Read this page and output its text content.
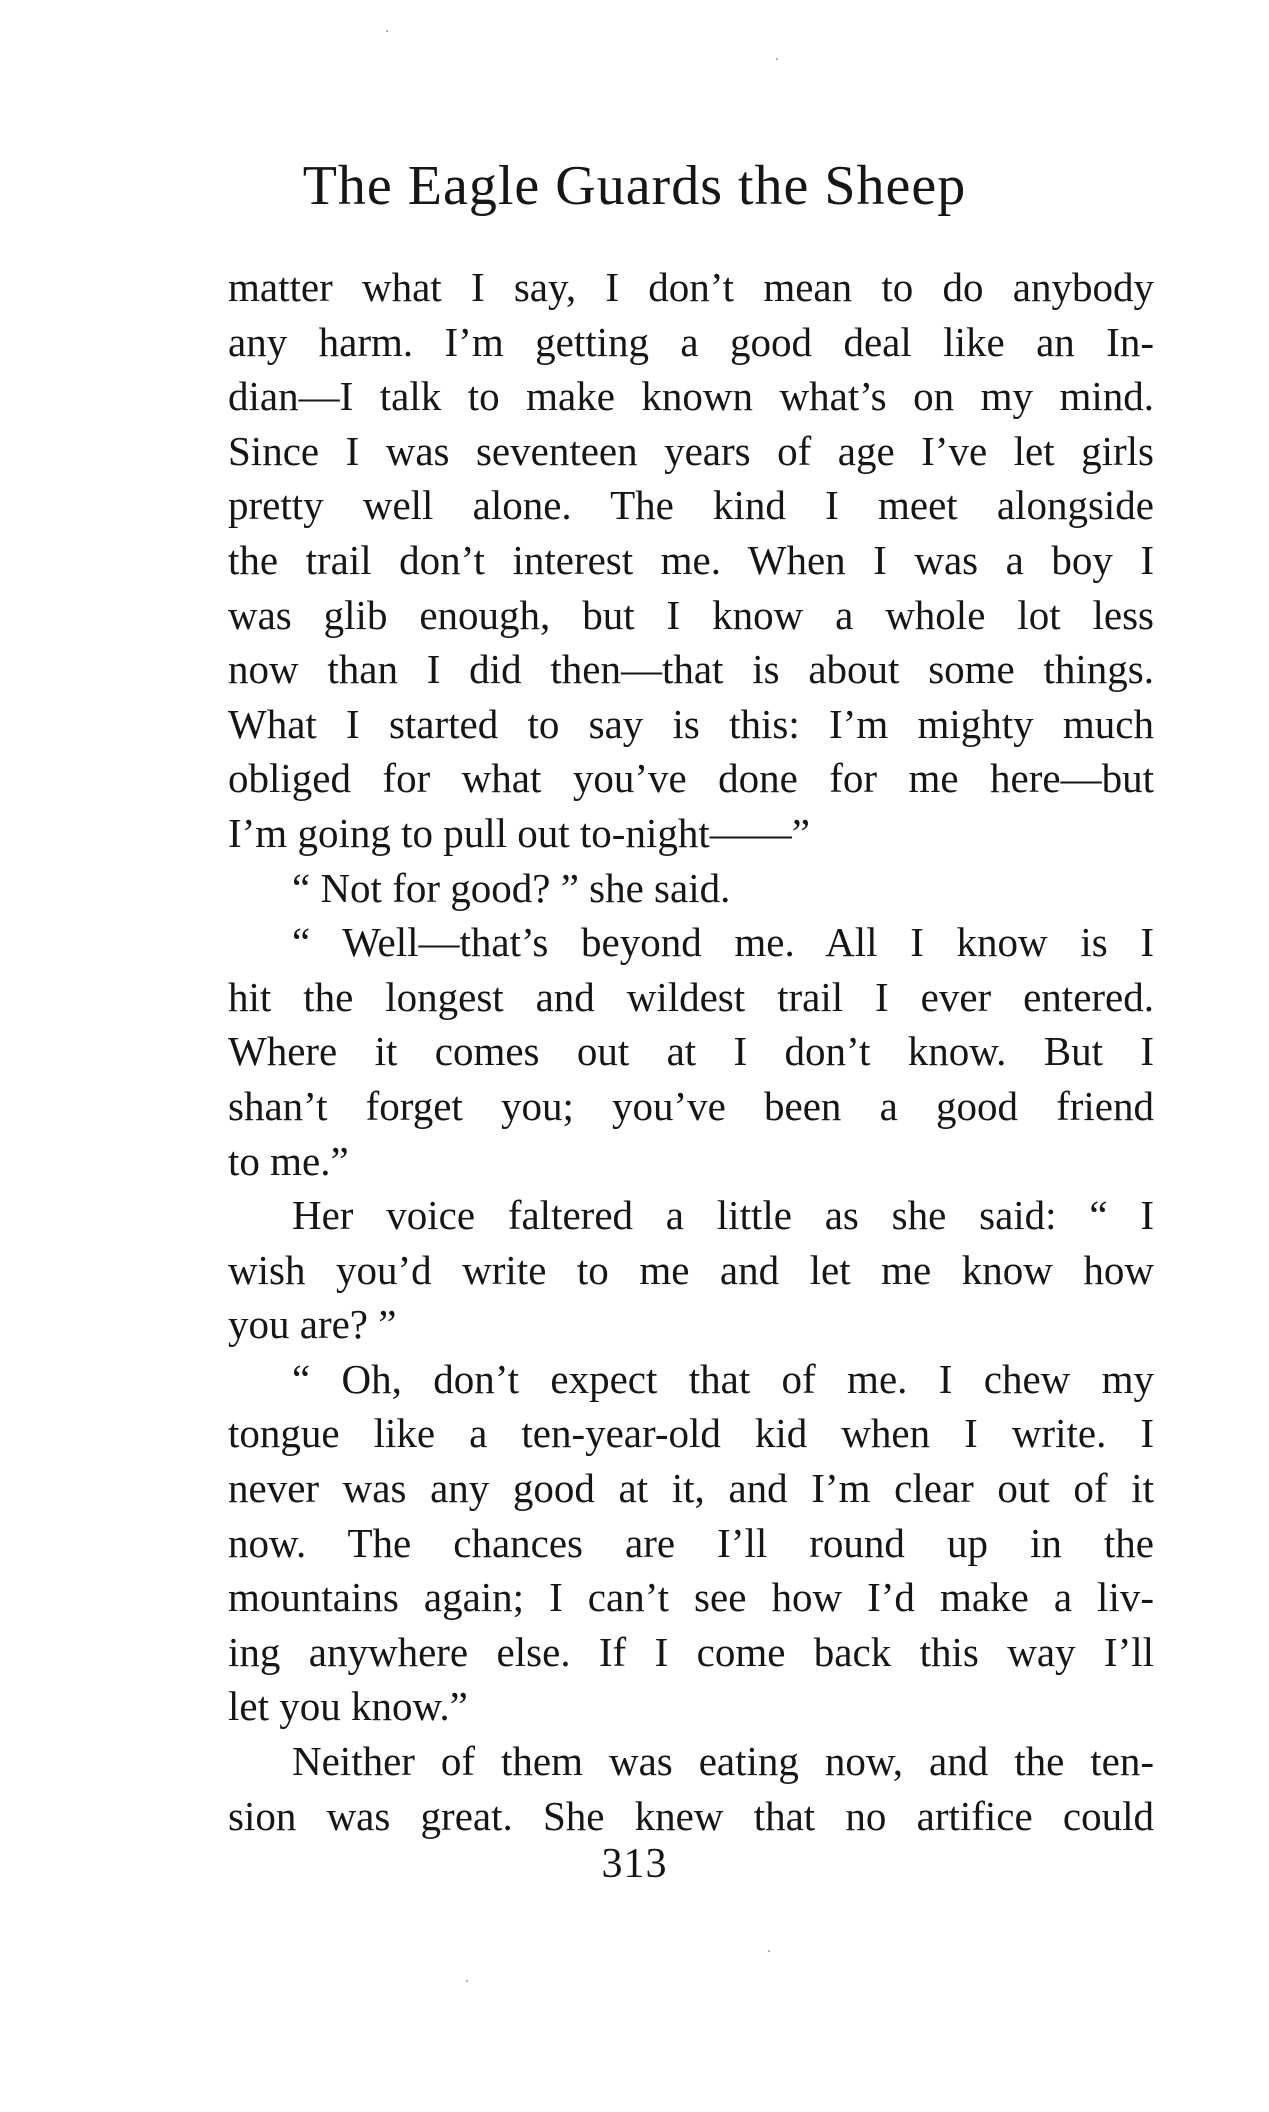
The Eagle Guards the Sheep
matter what I say, I don’t mean to do anybody
any harm. I’m getting a good deal like an In-
dian—I talk to make known what’s on my mind.
Since I was seventeen years of age I’ve let girls
pretty well alone. The kind I meet alongside
the trail don’t interest me. When I was a boy I
was glib enough, but I know a whole lot less
now than I did then—that is about some things.
What I started to say is this: I’m mighty much
obliged for what you’ve done for me here—but
I’m going to pull out to-night——”
“ Not for good? ” she said.
“ Well—that’s beyond me. All I know is I
hit the longest and wildest trail I ever entered.
Where it comes out at I don’t know. But I
shan’t forget you; you’ve been a good friend
to me.”
Her voice faltered a little as she said: “ I
wish you’d write to me and let me know how
you are? ”
“ Oh, don’t expect that of me. I chew my
tongue like a ten-year-old kid when I write. I
never was any good at it, and I’m clear out of it
now. The chances are I’ll round up in the
mountains again; I can’t see how I’d make a liv-
ing anywhere else. If I come back this way I’ll
let you know.”
Neither of them was eating now, and the ten-
sion was great. She knew that no artifice could
313
